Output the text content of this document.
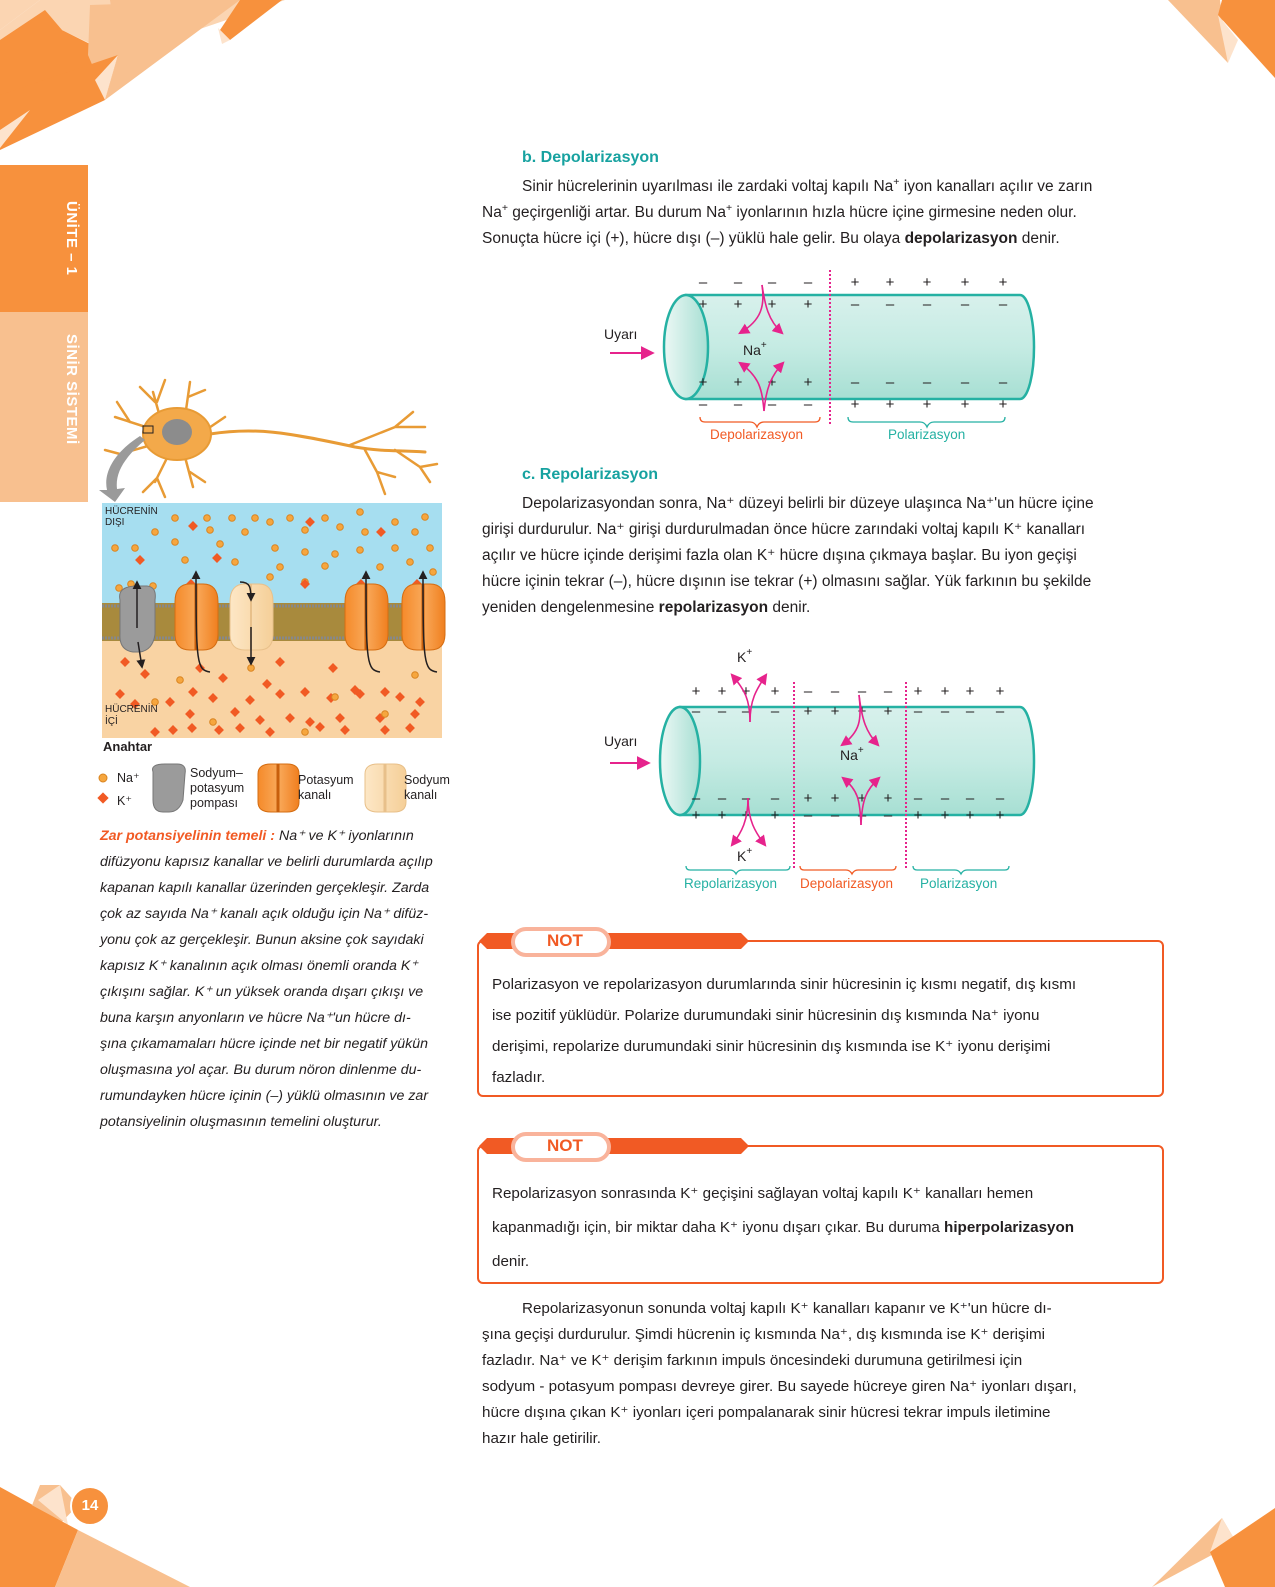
ÜNİTE – 1
SİNİR SİSTEMİ
b. Depolarizasyon

Sinir hücrelerinin uyarılması ile zardaki voltaj kapılı Na+ iyon kanalları açılır ve zarın

Na+ geçirgenliği artar. Bu durum Na+ iyonlarının hızla hücre içine girmesine neden olur.

Sonuçta hücre içi (+), hücre dışı (–) yüklü hale gelir. Bu olaya depolarizasyon denir.

Uyarı
–
+
+
–
–
+
+
–
–
+
+
–
–
+
+
–
+
–
–
+
+
–
–
+
+
–
–
+
+
–
–
+
+
–
–
+
Na+
Depolarizasyon	Polarizasyon
c. Repolarizasyon

Depolarizasyondan sonra, Na⁺ düzeyi belirli bir düzeye ulaşınca Na⁺'un hücre içine

girişi durdurulur. Na⁺ girişi durdurulmadan önce hücre zarındaki voltaj kapılı K⁺ kanalları

açılır ve hücre içinde derişimi fazla olan K⁺ hücre dışına çıkmaya başlar. Bu iyon geçişi

hücre içinin tekrar (–), hücre dışının ise tekrar (+) olmasını sağlar. Yük farkının bu şekilde

yeniden dengelenmesine repolarizasyon denir.

Uyarı
+
–
–
+
+
–
–
+
+
–
–
+
+
–
–
+
–
+
+
–
–
+
+
–
–
+
+
–
–
+
+
–
+
–
–
+
+
–
–
+
+
–
–
+
+
–
–
+
K+
K+
Na+
Repolarizasyon Depolarizasyon Polarizasyon
HÜCRENİN
DIŞI
HÜCRENİN
İÇİ
Anahtar
Na⁺
K⁺
Sodyum–
potasyum
pompası
Potasyum
kanalı
Sodyum
kanalı
Zar potansiyelinin temeli : Na⁺ ve K⁺ iyonlarının
difüzyonu kapısız kanallar ve belirli durumlarda açılıp
kapanan kapılı kanallar üzerinden gerçekleşir. Zarda
çok az sayıda Na⁺ kanalı açık olduğu için Na⁺ difüz-
yonu çok az gerçekleşir. Bunun aksine çok sayıdaki
kapısız K⁺ kanalının açık olması önemli oranda K⁺
çıkışını sağlar. K⁺ un yüksek oranda dışarı çıkışı ve
buna karşın anyonların ve hücre Na⁺'un hücre dı-
şına çıkamamaları hücre içinde net bir negatif yükün
oluşmasına yol açar. Bu durum nöron dinlenme du-
rumundayken hücre içinin (–) yüklü olmasının ve zar
potansiyelinin oluşmasının temelini oluşturur.
NOT
Polarizasyon ve repolarizasyon durumlarında sinir hücresinin iç kısmı negatif, dış kısmı
ise pozitif yüklüdür. Polarize durumundaki sinir hücresinin dış kısmında Na⁺ iyonu
derişimi, repolarize durumundaki sinir hücresinin dış kısmında ise K⁺ iyonu derişimi
fazladır.
NOT
Repolarizasyon sonrasında K⁺ geçişini sağlayan voltaj kapılı K⁺ kanalları hemen
kapanmadığı için, bir miktar daha K⁺ iyonu dışarı çıkar. Bu duruma hiperpolarizasyon
denir.

Repolarizasyonun sonunda voltaj kapılı K⁺ kanalları kapanır ve K⁺'un hücre dı-

şına geçişi durdurulur. Şimdi hücrenin iç kısmında Na⁺, dış kısmında ise K⁺ derişimi

fazladır. Na⁺ ve K⁺ derişim farkının impuls öncesindeki durumuna getirilmesi için

sodyum - potasyum pompası devreye girer. Bu sayede hücreye giren Na⁺ iyonları dışarı,

hücre dışına çıkan K⁺ iyonları içeri pompalanarak sinir hücresi tekrar impuls iletimine

hazır hale getirilir.

14
